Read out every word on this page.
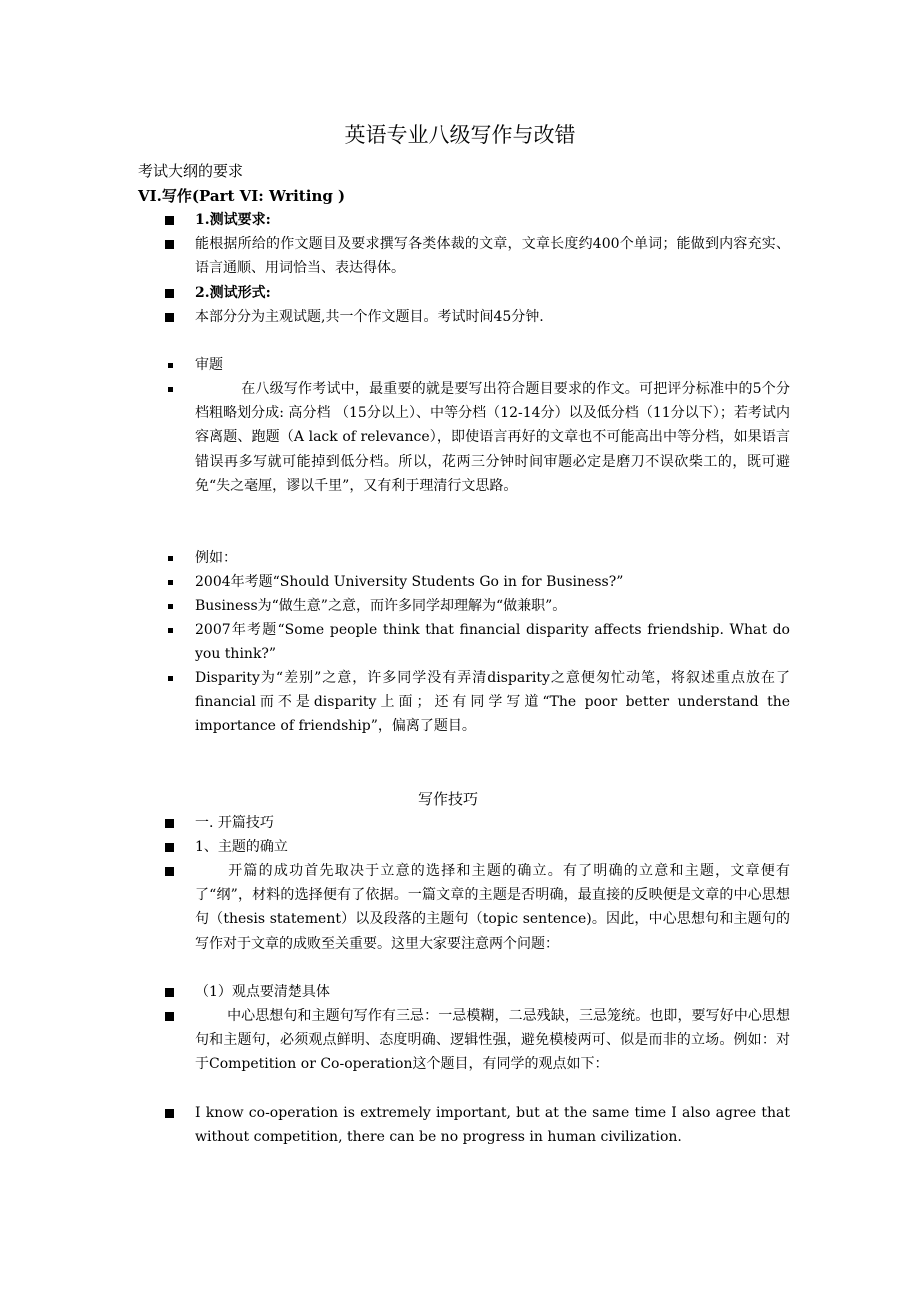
英语专业八级写作与改错
考试大纲的要求
VI.写作(Part VI: Writing )
1.测试要求:
能根据所给的作文题目及要求撰写各类体裁的文章，文章长度约400个单词；能做到内容充实、语言通顺、用词恰当、表达得体。
2.测试形式:
本部分分为主观试题,共一个作文题目。考试时间45分钟.
审题
在八级写作考试中，最重要的就是要写出符合题目要求的作文。可把评分标准中的5个分档粗略划分成: 高分档 （15分以上）、中等分档（12-14分）以及低分档（11分以下）；若考试内容离题、跑题（A lack of relevance），即使语言再好的文章也不可能高出中等分档，如果语言错误再多写就可能掉到低分档。所以，花两三分钟时间审题必定是磨刀不误砍柴工的，既可避免“失之毫厘，谬以千里”，又有利于理清行文思路。
例如：
2004年考题“Should University Students Go in for Business?”
Business为“做生意”之意，而许多同学却理解为“做兼职”。
2007年考题“Some people think that financial disparity affects friendship. What do you think?”
Disparity为“差别”之意，许多同学没有弄清disparity之意便匆忙动笔，将叙述重点放在了financial而不是disparity上面；还有同学写道“The poor better understand the importance of friendship”，偏离了题目。
写作技巧
一. 开篇技巧
1、主题的确立
开篇的成功首先取决于立意的选择和主题的确立。有了明确的立意和主题，文章便有了“纲”，材料的选择便有了依据。一篇文章的主题是否明确，最直接的反映便是文章的中心思想句（thesis statement）以及段落的主题句（topic sentence)。因此，中心思想句和主题句的写作对于文章的成败至关重要。这里大家要注意两个问题：
（1）观点要清楚具体
中心思想句和主题句写作有三忌：一忌模糊，二忌残缺，三忌笼统。也即，要写好中心思想句和主题句，必须观点鲜明、态度明确、逻辑性强，避免模棱两可、似是而非的立场。例如：对于Competition or Co-operation这个题目，有同学的观点如下：
I know co-operation is extremely important, but at the same time I also agree that without competition, there can be no progress in human civilization.
